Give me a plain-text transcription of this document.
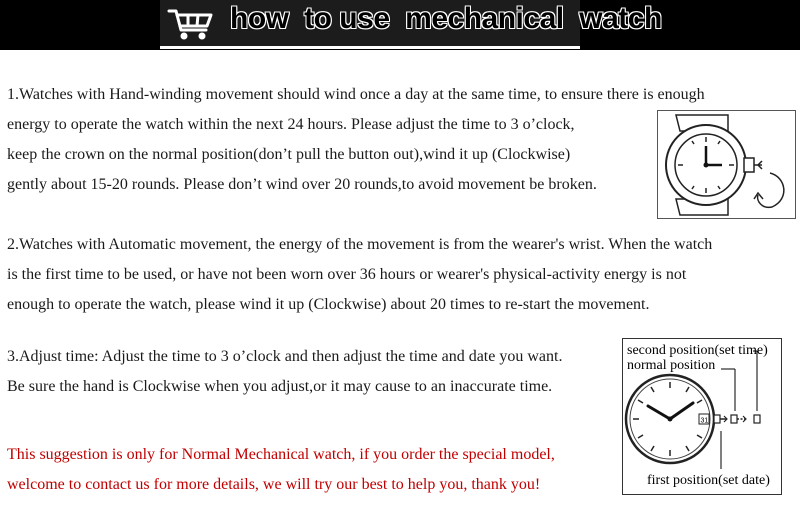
how  to use  mechanical  watch
1.Watches with Hand-winding movement should wind once a day at the same time, to ensure there is enough
energy to operate the watch within the next 24 hours. Please adjust the time to 3 o’clock,
keep the crown on the normal position(don’t pull the button out),wind it up (Clockwise)
gently about 15-20 rounds. Please don’t wind over 20 rounds,to avoid movement be broken.
2.Watches with Automatic movement, the energy of the movement is from the wearer's wrist. When the watch
is the first time to be used, or have not been worn over 36 hours or wearer's physical-activity energy is not
enough to operate the watch, please wind it up (Clockwise) about 20 times to re-start the movement.
3.Adjust time: Adjust the time to 3 o’clock and then adjust the time and date you want.
Be sure the hand is Clockwise when you adjust,or it may cause to an inaccurate time.
second position(set time)
normal position
first position(set date)
31
This suggestion is only for Normal Mechanical watch, if you order the special model,
welcome to contact us for more details, we will try our best to help you, thank you!
